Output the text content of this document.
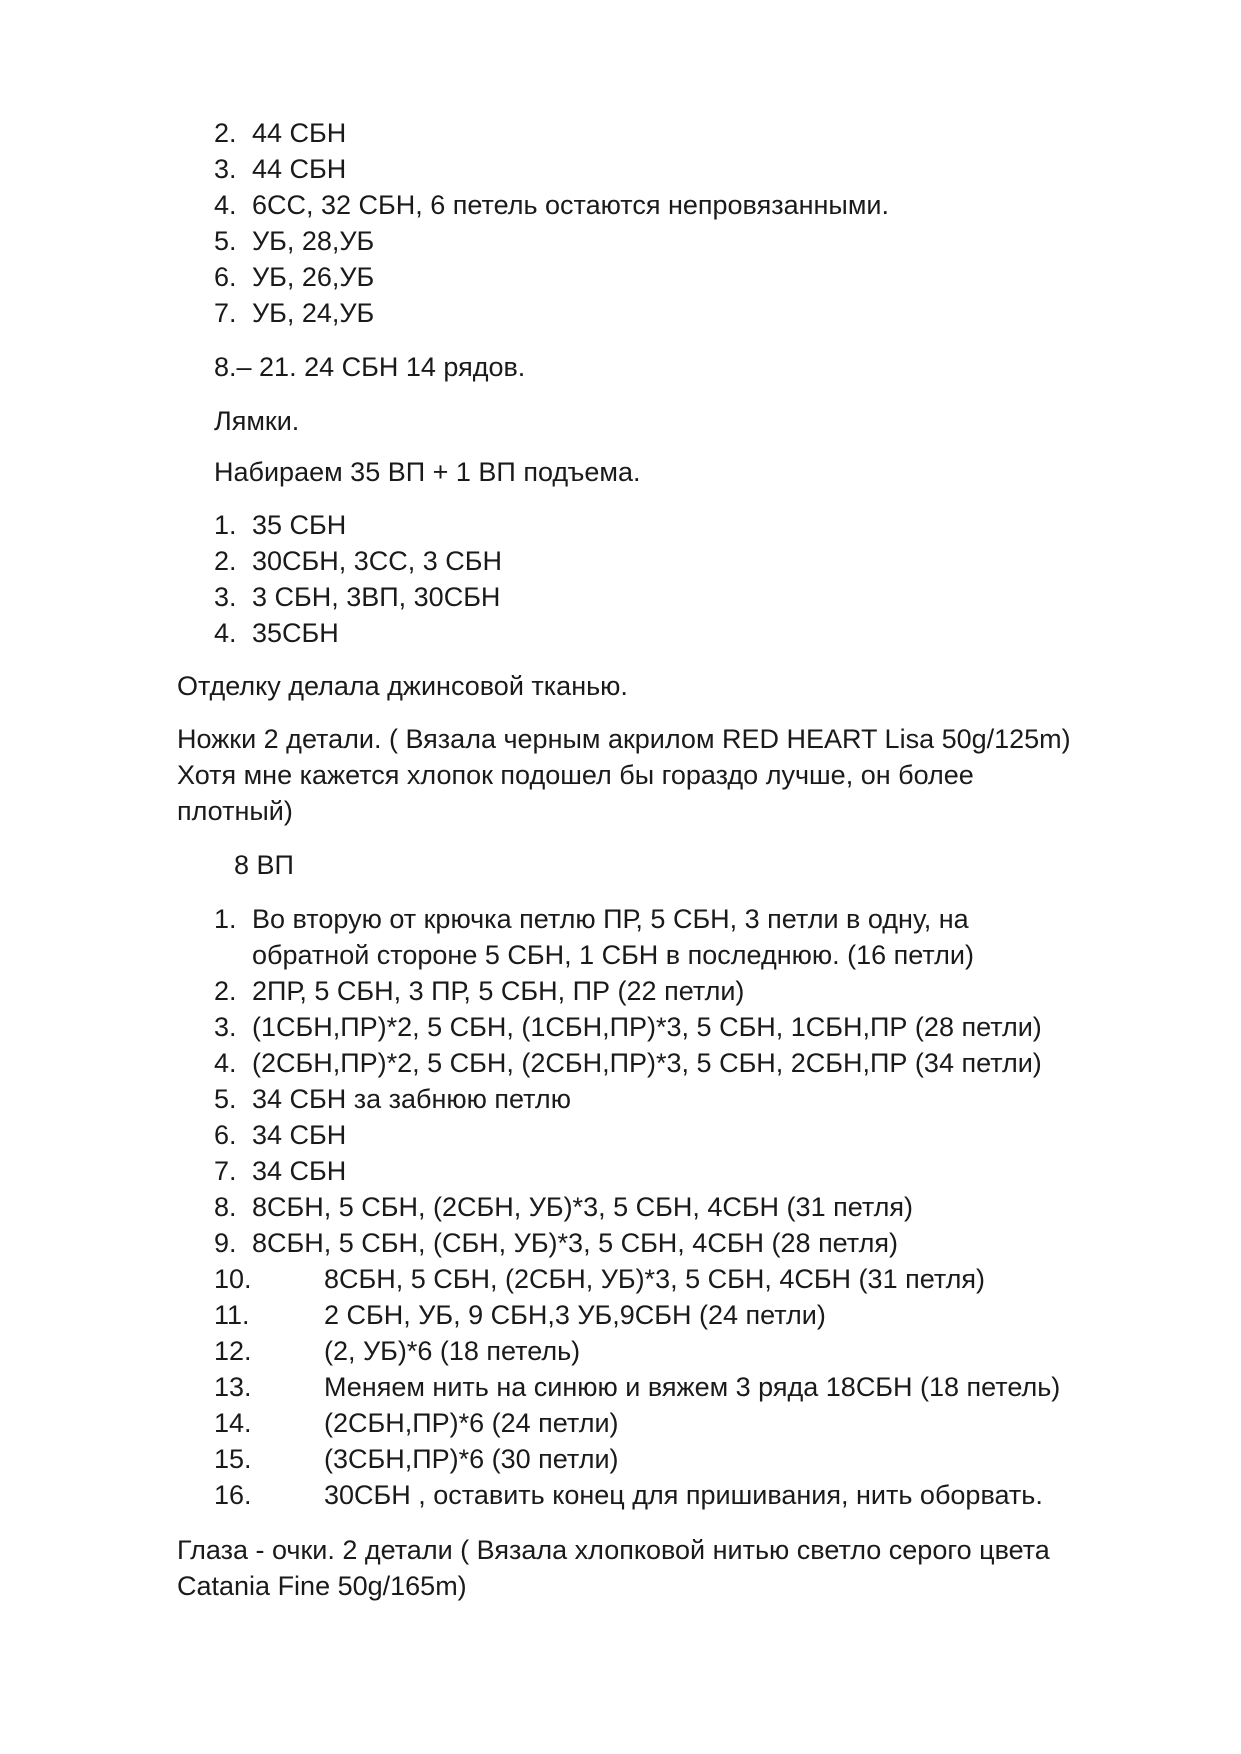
2. 44 СБН
3. 44 СБН
4. 6СС, 32 СБН, 6 петель остаются непровязанными.
5. УБ, 28,УБ
6. УБ, 26,УБ
7. УБ, 24,УБ
8.– 21. 24 СБН 14 рядов.
Лямки.
Набираем 35 ВП + 1 ВП подъема.
1. 35 СБН
2. 30СБН, 3СС, 3 СБН
3. 3 СБН, 3ВП, 30СБН
4. 35СБН
Отделку делала джинсовой тканью.
Ножки 2 детали. ( Вязала черным акрилом RED HEART Lisa 50g/125m)
Хотя мне кажется хлопок подошел бы гораздо лучше, он более
плотный)
8 ВП
1. Во вторую от крючка петлю ПР, 5 СБН, 3 петли в одну, на
обратной стороне 5 СБН, 1 СБН в последнюю. (16 петли)
2. 2ПР, 5 СБН, 3 ПР, 5 СБН, ПР (22 петли)
3. (1СБН,ПР)*2, 5 СБН, (1СБН,ПР)*3, 5 СБН, 1СБН,ПР (28 петли)
4. (2СБН,ПР)*2, 5 СБН, (2СБН,ПР)*3, 5 СБН, 2СБН,ПР (34 петли)
5. 34 СБН за забнюю петлю
6. 34 СБН
7. 34 СБН
8. 8СБН, 5 СБН, (2СБН, УБ)*3, 5 СБН, 4СБН (31 петля)
9. 8СБН, 5 СБН, (СБН, УБ)*3, 5 СБН, 4СБН (28 петля)
10.	8СБН, 5 СБН, (2СБН, УБ)*3, 5 СБН, 4СБН (31 петля)
11.	2 СБН, УБ, 9 СБН,3 УБ,9СБН (24 петли)
12.	(2, УБ)*6 (18 петель)
13.	Меняем нить на синюю и вяжем 3 ряда 18СБН (18 петель)
14.	(2СБН,ПР)*6 (24 петли)
15.	(3СБН,ПР)*6 (30 петли)
16.	30СБН , оставить конец для пришивания, нить оборвать.
Глаза - очки. 2 детали ( Вязала хлопковой нитью светло серого цвета
Catania Fine 50g/165m)
